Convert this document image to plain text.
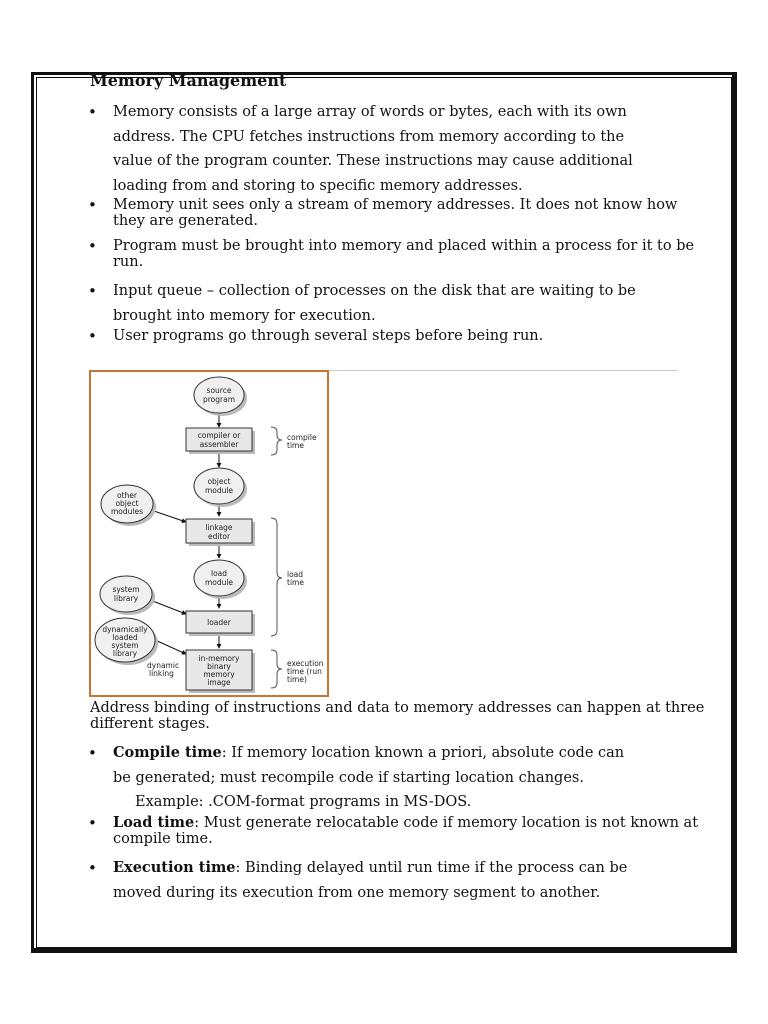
Memory Management
• Memory consists of a large array of words or bytes, each with its own
address. The CPU fetches instructions from memory according to the
value of the program counter. These instructions may cause additional
loading from and storing to specific memory addresses.
• Memory unit sees only a stream of memory addresses. It does not know how
they are generated.
• Program must be brought into memory and placed within a process for it to be
run.
• Input queue – collection of processes on the disk that are waiting to be
brought into memory for execution.
• User programs go through several steps before being run.
source
program
compiler or
assembler
object
module
other
object
modules
linkage
editor
load
module
system
library
loader
dynamically
loaded
system
library
dynamic
linking
in-memory
binary
memory
image
compile
time
load
time
execution
time (run
time)

Address binding of instructions and data to memory addresses can happen at three
different stages.

• Compile time: If memory location known a priori, absolute code can
be generated; must recompile code if starting location changes.
Example: .COM-format programs in MS-DOS.
• Load time: Must generate relocatable code if memory location is not known at
compile time.
• Execution time: Binding delayed until run time if the process can be
moved during its execution from one memory segment to another.
